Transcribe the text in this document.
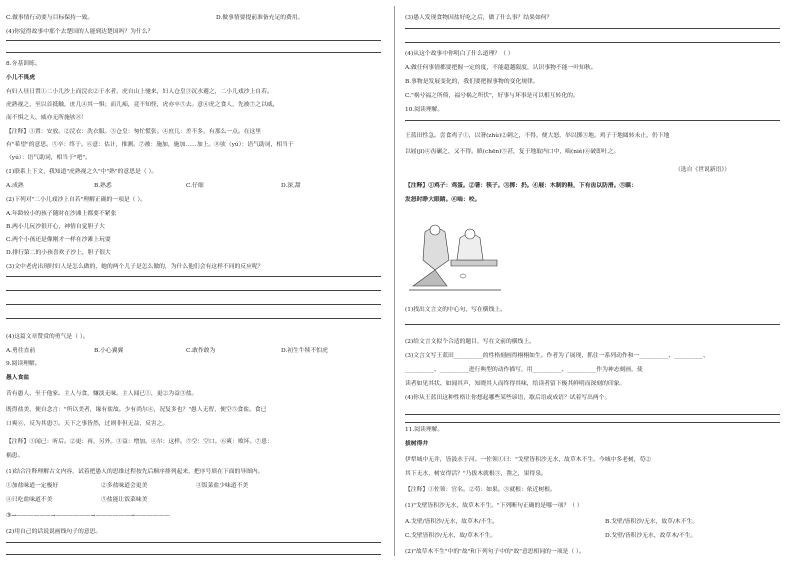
C.做事情行动要与目标保持一致。	D.做事情要提前准备充足的费用。
(4)你觉得故事中那个去楚国的人能到达楚国吗？为什么？
8.夯基训练。
小儿不畏虎
有妇人昼日置①二小儿沙上而浣衣②于水者，虎自山上驰来，妇人仓皇③沉水避之，二小儿戏沙上自若。
虎熟视之，至以首抵触，庶几④其一惧；而儿痴，竟不知怪，虎亦卒⑤去。意⑥虎之食人，先被⑦之以威，
而不惧之人，威亦无所施欤⑧！
【注释】①置：安放。②浣衣：洗衣服。③仓皇：匆忙慌张。④庶几：差不多，有那么一点。在这里
有"希望"的意思。⑤卒：终于。⑥意：估计，推测。⑦被：施加，施加……加上。⑧欤（yú）：语气助词，相当于
（yú）：语气助词，相当于"吧"。
(1)联系上下文，我知道"虎熟视之久"中"熟"的意思是（ ）。
A.成熟	B.熟悉	C.仔细	D.深,甜
(2)下列对"二小儿戏沙上自若"理解正确的一项是（ ）。
A.年龄较小的孩子随时在沙滩上都要不紧张
B.两小儿玩沙很开心，神情自觉胆子大
C.两个小孩还是像刚才一样在沙滩上玩耍
D.排行第二的小孩喜欢子沙上，胆子很大
(3)文中老虎出现时妇人是怎么做的，她的两个儿子是怎么做的，为什么他们会有这样不同的反应呢？
(4)这篇文章赞赏的勇气是（ ）。
A.勇往直前	B.小心翼翼	C.敢作敢为	D.初生牛犊不怕虎
9.阅读理解。
愚人食盐
昔有愚人，至于他家。主人与食，嫌淡无味。主人闻已①，更②为益③盐。
既得盐美，便自念言："所以美者，缘有盐故。少有尚尔④，况复多也？"愚人无智，便空⑤食盐。食已
口爽⑥，反为其患⑦。天下之事皆然，过则非但无益，反害之。
【注释】①闻已：听后。②更：再，另外。③益：增加。④尔：这样。⑤空：空口。⑥爽：败坏。⑦患：
祸患。
(1)结合注释理解古文内容，试着把愚人的思维过程按先后顺序排列起来，把序号填在下面的导图内。
①加盐味道一定极好	②多盐味道会更美	③饭菜盐少味道不美
④只吃盐味道不美	⑤盐能让饭菜味美
③→——————→——————→——————→——————
(2)用自己的话说说画线句子的意思。
(3)愚人发现食物因盐好吃之后，做了什么事？结果如何？
(4)从这个故事中你明白了什么道理？（ ）
A.做任何事情都要把握一定的度，不能超越限度，认识事物不能一叶知秋。
B.事物是发展变化的，我们要把握事物的变化规律。
C."祸兮福之所倚，福兮祸之所伏"，好事与坏事是可以相互转化的。
10.阅读理解。
王蓝田性急。尝食鸡子①，以箸(zhù)②刺之，不得，便大怒，举以掷③地。鸡子于地圆转未止，仍下地
以屐(jī)④齿碾之，又不得。瞋(chēn)⑤甚，复于地取内口中，啮(niè)⑥破即吐之。
（选自《世说新语》）
【注释】①鸡子：鸡蛋。②箸：筷子。③掷：扔。④屐：木制的鞋，下有齿以防滑。⑤瞋：
发怒时睁大眼睛。⑥啮：咬。
(1)找出文言文的中心句，写在横线上。
(2)给文言文拟个合适的题目，写在文前的横线上。
(3)文言文写王蓝田__________的性格刻画得栩栩如生。作者为了展现，抓住一系列动作和一__________、__________、
__________、__________进行典型的动作描写，用__________、__________作为神态刻画，使
读者如见其状、如闻其声，知晓其人而终得其味，给读者留下极其鲜明而深刻的印象。
(4)你从王蓝田这种性格让你想起哪些某些谚语，歇后语或成语？试着写出两个。
11.阅读理解。
拔树得井
伊犁城中无井，皆汲水于河。一佐领①曰："戈壁皆积沙无水，故草木不生。今城中多老树，苟②
其下无水，树安得活？"乃拔木就根③，凿之，果得泉。
【注释】①佐领：官名。②苟：如果。③就根：依近树根。
(1)"戈壁皆积沙无水，故草木不生。"下列断句正确的是哪一项？（ ）
A.戈壁/皆积沙/无水，故草木/不生。	B.戈壁/皆积沙/无水，故草/木不生。
C.戈壁皆积沙/无水，故/草木不生。	D.戈壁/皆积沙无水，故草木/不生。
(2)"故草木不生"中的"故"和下列句子中的"故"意思相同的一项是（ ）。
